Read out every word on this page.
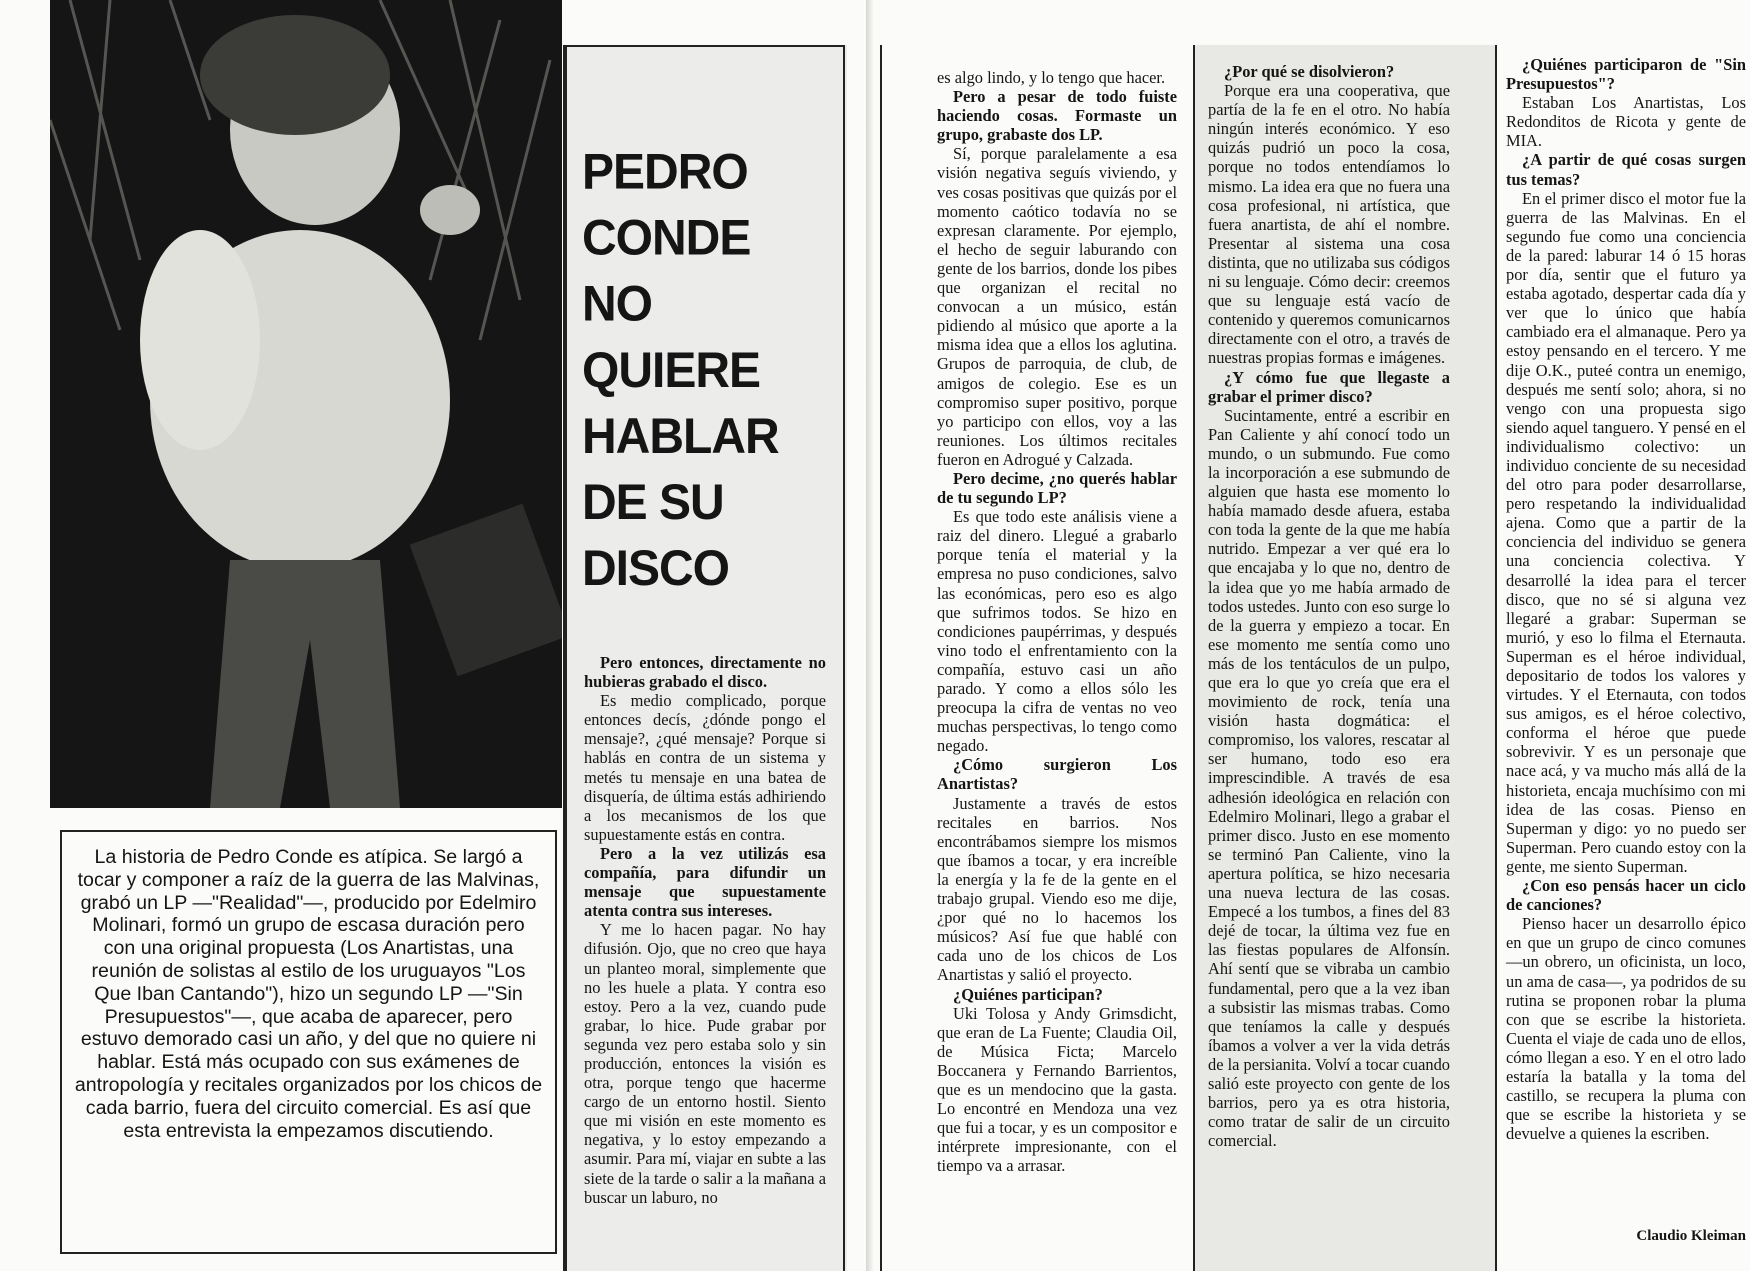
La historia de Pedro Conde es atípica. Se largó a tocar y componer a raíz de la guerra de las Malvinas, grabó un LP —"Realidad"—, producido por Edelmiro Molinari, formó un grupo de escasa duración pero con una original propuesta (Los Anartistas, una reunión de solistas al estilo de los uruguayos "Los Que Iban Cantando"), hizo un segundo LP —"Sin Presupuestos"—, que acaba de aparecer, pero estuvo demorado casi un año, y del que no quiere ni hablar. Está más ocupado con sus exámenes de antropología y recitales organizados por los chicos de cada barrio, fuera del circuito comercial. Es así que esta entrevista la empezamos discutiendo.
PEDRO
CONDE
NO
QUIERE
HABLAR
DE SU
DISCO

Pero entonces, directamente no hubieras grabado el disco.

Es medio complicado, porque entonces decís, ¿dónde pongo el mensaje?, ¿qué mensaje? Porque si hablás en contra de un sistema y metés tu mensaje en una batea de disquería, de última estás adhiriendo a los mecanismos de los que supuestamente estás en contra.

Pero a la vez utilizás esa compañía, para difundir un mensaje que supuestamente atenta contra sus intereses.

Y me lo hacen pagar. No hay difusión. Ojo, que no creo que haya un planteo moral, simplemente que no les huele a plata. Y contra eso estoy. Pero a la vez, cuando pude grabar, lo hice. Pude grabar por segunda vez pero estaba solo y sin producción, entonces la visión es otra, porque tengo que hacerme cargo de un entorno hostil. Siento que mi visión en este momento es negativa, y lo estoy empezando a asumir. Para mí, viajar en subte a las siete de la tarde o salir a la mañana a buscar un laburo, no

es algo lindo, y lo tengo que hacer.

Pero a pesar de todo fuiste haciendo cosas. Formaste un grupo, grabaste dos LP.

Sí, porque paralelamente a esa visión negativa seguís viviendo, y ves cosas positivas que quizás por el momento caótico todavía no se expresan claramente. Por ejemplo, el hecho de seguir laburando con gente de los barrios, donde los pibes que organizan el recital no convocan a un músico, están pidiendo al músico que aporte a la misma idea que a ellos los aglutina. Grupos de parroquia, de club, de amigos de colegio. Ese es un compromiso super positivo, porque yo participo con ellos, voy a las reuniones. Los últimos recitales fueron en Adrogué y Calzada.

Pero decime, ¿no querés hablar de tu segundo LP?

Es que todo este análisis viene a raiz del dinero. Llegué a grabarlo porque tenía el material y la empresa no puso condiciones, salvo las económicas, pero eso es algo que sufrimos todos. Se hizo en condiciones paupérrimas, y después vino todo el enfrentamiento con la compañía, estuvo casi un año parado. Y como a ellos sólo les preocupa la cifra de ventas no veo muchas perspectivas, lo tengo como negado.

¿Cómo surgieron Los Anartistas?

Justamente a través de estos recitales en barrios. Nos encontrábamos siempre los mismos que íbamos a tocar, y era increíble la energía y la fe de la gente en el trabajo grupal. Viendo eso me dije, ¿por qué no lo hacemos los músicos? Así fue que hablé con cada uno de los chicos de Los Anartistas y salió el proyecto.

¿Quiénes participan?

Uki Tolosa y Andy Grimsdicht, que eran de La Fuente; Claudia Oil, de Música Ficta; Marcelo Boccanera y Fernando Barrientos, que es un mendocino que la gasta. Lo encontré en Mendoza una vez que fui a tocar, y es un compositor e intérprete impresionante, con el tiempo va a arrasar.

¿Por qué se disolvieron?

Porque era una cooperativa, que partía de la fe en el otro. No había ningún interés económico. Y eso quizás pudrió un poco la cosa, porque no todos entendíamos lo mismo. La idea era que no fuera una cosa profesional, ni artística, que fuera anartista, de ahí el nombre. Presentar al sistema una cosa distinta, que no utilizaba sus códigos ni su lenguaje. Cómo decir: creemos que su lenguaje está vacío de contenido y queremos comunicarnos directamente con el otro, a través de nuestras propias formas e imágenes.

¿Y cómo fue que llegaste a grabar el primer disco?

Sucintamente, entré a escribir en Pan Caliente y ahí conocí todo un mundo, o un submundo. Fue como la incorporación a ese submundo de alguien que hasta ese momento lo había mamado desde afuera, estaba con toda la gente de la que me había nutrido. Empezar a ver qué era lo que encajaba y lo que no, dentro de la idea que yo me había armado de todos ustedes. Junto con eso surge lo de la guerra y empiezo a tocar. En ese momento me sentía como uno más de los tentáculos de un pulpo, que era lo que yo creía que era el movimiento de rock, tenía una visión hasta dogmática: el compromiso, los valores, rescatar al ser humano, todo eso era imprescindible. A través de esa adhesión ideológica en relación con Edelmiro Molinari, llego a grabar el primer disco. Justo en ese momento se terminó Pan Caliente, vino la apertura política, se hizo necesaria una nueva lectura de las cosas. Empecé a los tumbos, a fines del 83 dejé de tocar, la última vez fue en las fiestas populares de Alfonsín. Ahí sentí que se vibraba un cambio fundamental, pero que a la vez iban a subsistir las mismas trabas. Como que teníamos la calle y después íbamos a volver a ver la vida detrás de la persianita. Volví a tocar cuando salió este proyecto con gente de los barrios, pero ya es otra historia, como tratar de salir de un circuito comercial.

¿Quiénes participaron de "Sin Presupuestos"?

Estaban Los Anartistas, Los Redonditos de Ricota y gente de MIA.

¿A partir de qué cosas surgen tus temas?

En el primer disco el motor fue la guerra de las Malvinas. En el segundo fue como una conciencia de la pared: laburar 14 ó 15 horas por día, sentir que el futuro ya estaba agotado, despertar cada día y ver que lo único que había cambiado era el almanaque. Pero ya estoy pensando en el tercero. Y me dije O.K., puteé contra un enemigo, después me sentí solo; ahora, si no vengo con una propuesta sigo siendo aquel tanguero. Y pensé en el individualismo colectivo: un individuo conciente de su necesidad del otro para poder desarrollarse, pero respetando la individualidad ajena. Como que a partir de la conciencia del individuo se genera una conciencia colectiva. Y desarrollé la idea para el tercer disco, que no sé si alguna vez llegaré a grabar: Superman se murió, y eso lo filma el Eternauta. Superman es el héroe individual, depositario de todos los valores y virtudes. Y el Eternauta, con todos sus amigos, es el héroe colectivo, conforma el héroe que puede sobrevivir. Y es un personaje que nace acá, y va mucho más allá de la historieta, encaja muchísimo con mi idea de las cosas. Pienso en Superman y digo: yo no puedo ser Superman. Pero cuando estoy con la gente, me siento Superman.

¿Con eso pensás hacer un ciclo de canciones?

Pienso hacer un desarrollo épico en que un grupo de cinco comunes —un obrero, un oficinista, un loco, un ama de casa—, ya podridos de su rutina se proponen robar la pluma con que se escribe la historieta. Cuenta el viaje de cada uno de ellos, cómo llegan a eso. Y en el otro lado estaría la batalla y la toma del castillo, se recupera la pluma con que se escribe la historieta y se devuelve a quienes la escriben.

Claudio Kleiman
